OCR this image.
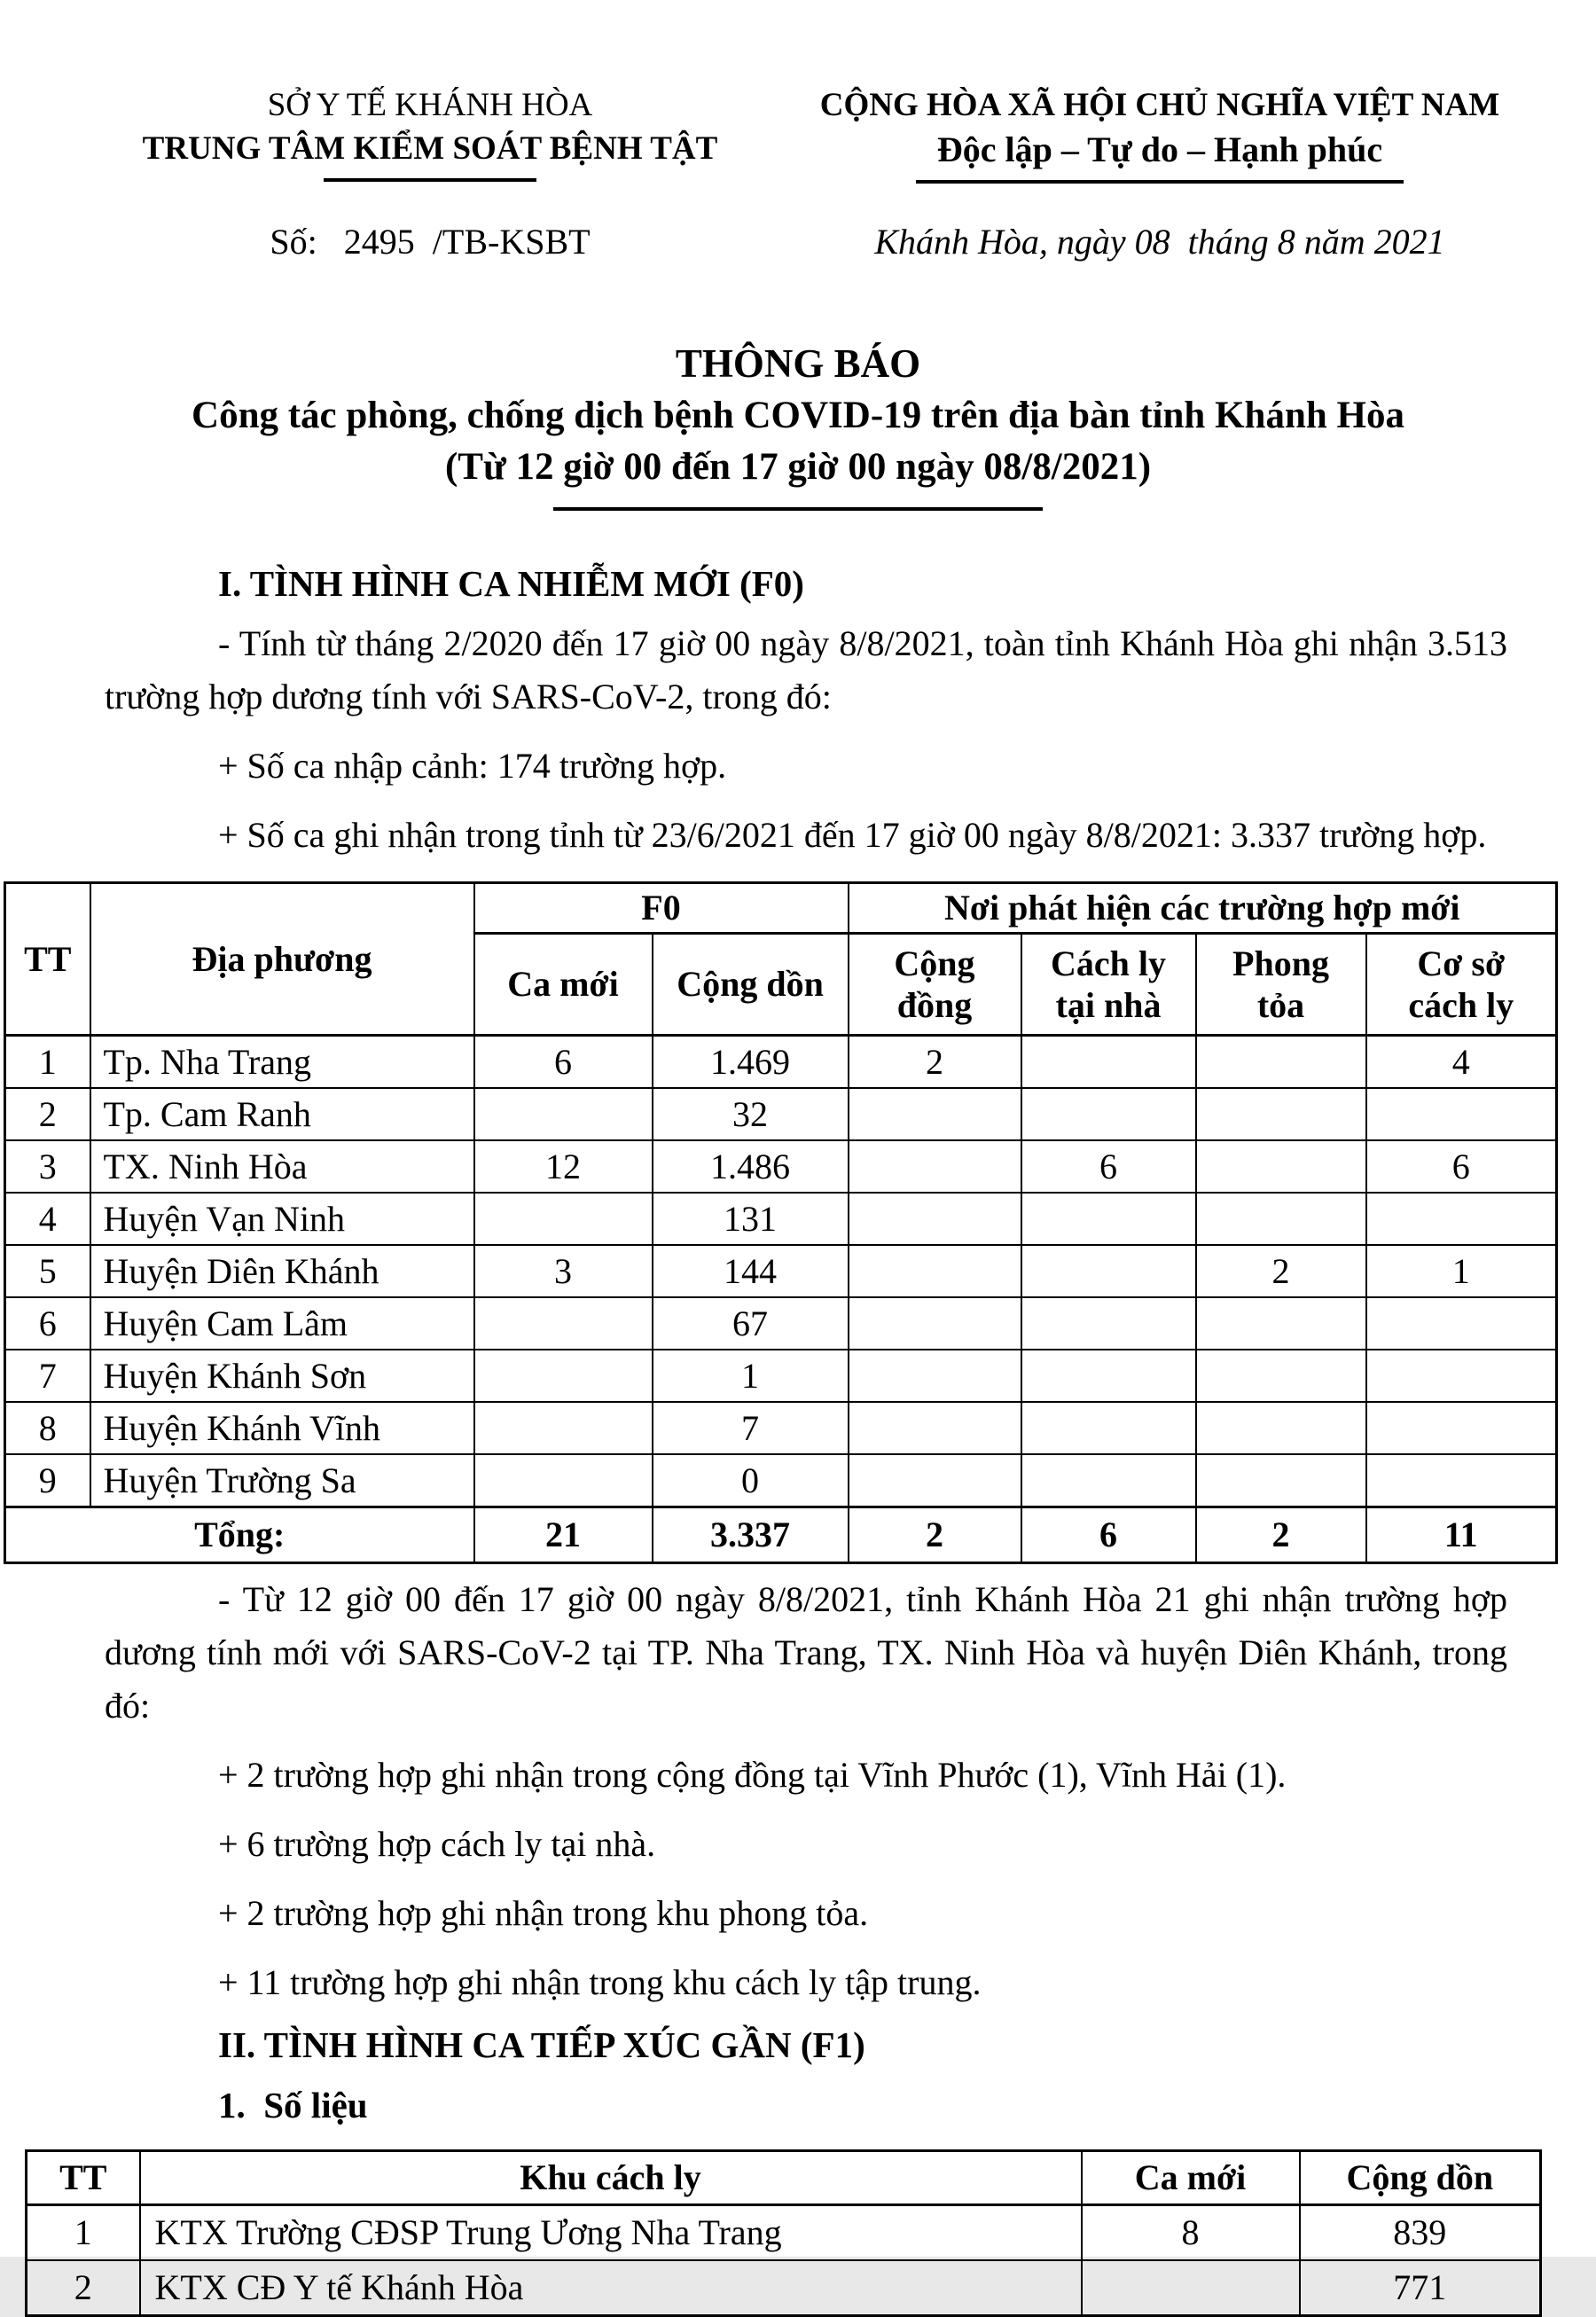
SỞ Y TẾ KHÁNH HÒA
TRUNG TÂM KIỂM SOÁT BỆNH TẬT
CỘNG HÒA XÃ HỘI CHỦ NGHĨA VIỆT NAM
Độc lập – Tự do – Hạnh phúc
Số:   2495  /TB-KSBT	Khánh Hòa, ngày 08  tháng 8 năm 2021
THÔNG BÁO
Công tác phòng, chống dịch bệnh COVID-19 trên địa bàn tỉnh Khánh Hòa
(Từ 12 giờ 00 đến 17 giờ 00 ngày 08/8/2021)
I. TÌNH HÌNH CA NHIỄM MỚI (F0)

- Tính từ tháng 2/2020 đến 17 giờ 00 ngày 8/8/2021, toàn tỉnh Khánh Hòa ghi nhận 3.513 trường hợp dương tính với SARS-CoV-2, trong đó:

+ Số ca nhập cảnh: 174 trường hợp.

+ Số ca ghi nhận trong tỉnh từ 23/6/2021 đến 17 giờ 00 ngày 8/8/2021: 3.337 trường hợp.

TT	Địa phương	F0		Nơi phát hiện các trường hợp mới			
		Ca mới	Cộng dồn	Cộng đồng	Cách ly tại nhà	Phong tỏa	Cơ sở cách ly
1	Tp. Nha Trang	6	1.469	2			4
2	Tp. Cam Ranh		32				
3	TX. Ninh Hòa	12	1.486		6		6
4	Huyện Vạn Ninh		131				
5	Huyện Diên Khánh	3	144			2	1
6	Huyện Cam Lâm		67				
7	Huyện Khánh Sơn		1				
8	Huyện Khánh Vĩnh		7				
9	Huyện Trường Sa		0				
Tổng:		21	3.337	2	6	2	11

- Từ 12 giờ 00 đến 17 giờ 00 ngày 8/8/2021, tỉnh Khánh Hòa 21 ghi nhận trường hợp dương tính mới với SARS-CoV-2 tại TP. Nha Trang, TX. Ninh Hòa và huyện Diên Khánh, trong đó:

+ 2 trường hợp ghi nhận trong cộng đồng tại Vĩnh Phước (1), Vĩnh Hải (1).

+ 6 trường hợp cách ly tại nhà.

+ 2 trường hợp ghi nhận trong khu phong tỏa.

+ 11 trường hợp ghi nhận trong khu cách ly tập trung.

II. TÌNH HÌNH CA TIẾP XÚC GẦN (F1)
1.  Số liệu
TT	Khu cách ly	Ca mới	Cộng dồn
1	KTX Trường CĐSP Trung Ương Nha Trang	8	839
2	KTX CĐ Y tế Khánh Hòa		771
